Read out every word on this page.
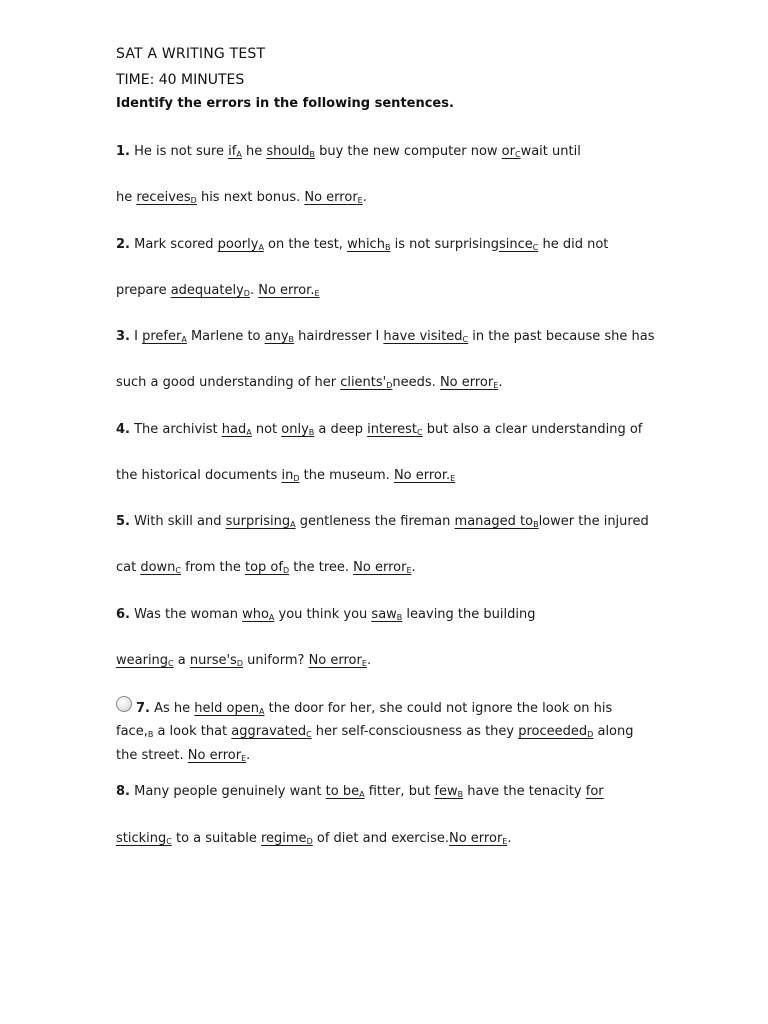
SAT A WRITING TEST
TIME: 40 MINUTES
Identify the errors in the following sentences.
1. He is not sure $if_A$ he should$_B$ buy the new computer now $or_Cwait$ until
he receives$_D$ his next bonus. No error$_E$.
2. Mark scored poorly$_A$ on the test, which$_B$ is not surprisingsince$_C$ he did not
prepare adequately$_D$. No $error._E$
3. I prefer$_A$ Marlene to any$_B$ hairdresser I have visited$_C$ in the past because she has
such a good understanding of her $clients'_Dneeds$. No error$_E$.
4. The archivist had$_A$ not only$_B$ a deep interest$_C$ but also a clear understanding of
the historical documents $in_D$ the museum. No $error._E$
5. With skill and surprising$_A$ gentleness the fireman managed $to_Blower$ the injured
cat down$_C$ from the top $of_D$ the tree. No error$_E$.
6. Was the woman who$_A$ you think you saw$_B$ leaving the building
wearing$_C$ a $nurse's_D$ uniform? No error$_E$.
7. As he held open$_A$ the door for her, she could not ignore the look on his
$face,_B$ a look that aggravated$_C$ her self-consciousness as they proceeded$_D$ along
the street. No error$_E$.
8. Many people genuinely want to $be_A$ fitter, but few$_B$ have the tenacity for
sticking$_C$ to a suitable regime$_D$ of diet and exercise.No error$_E$.
